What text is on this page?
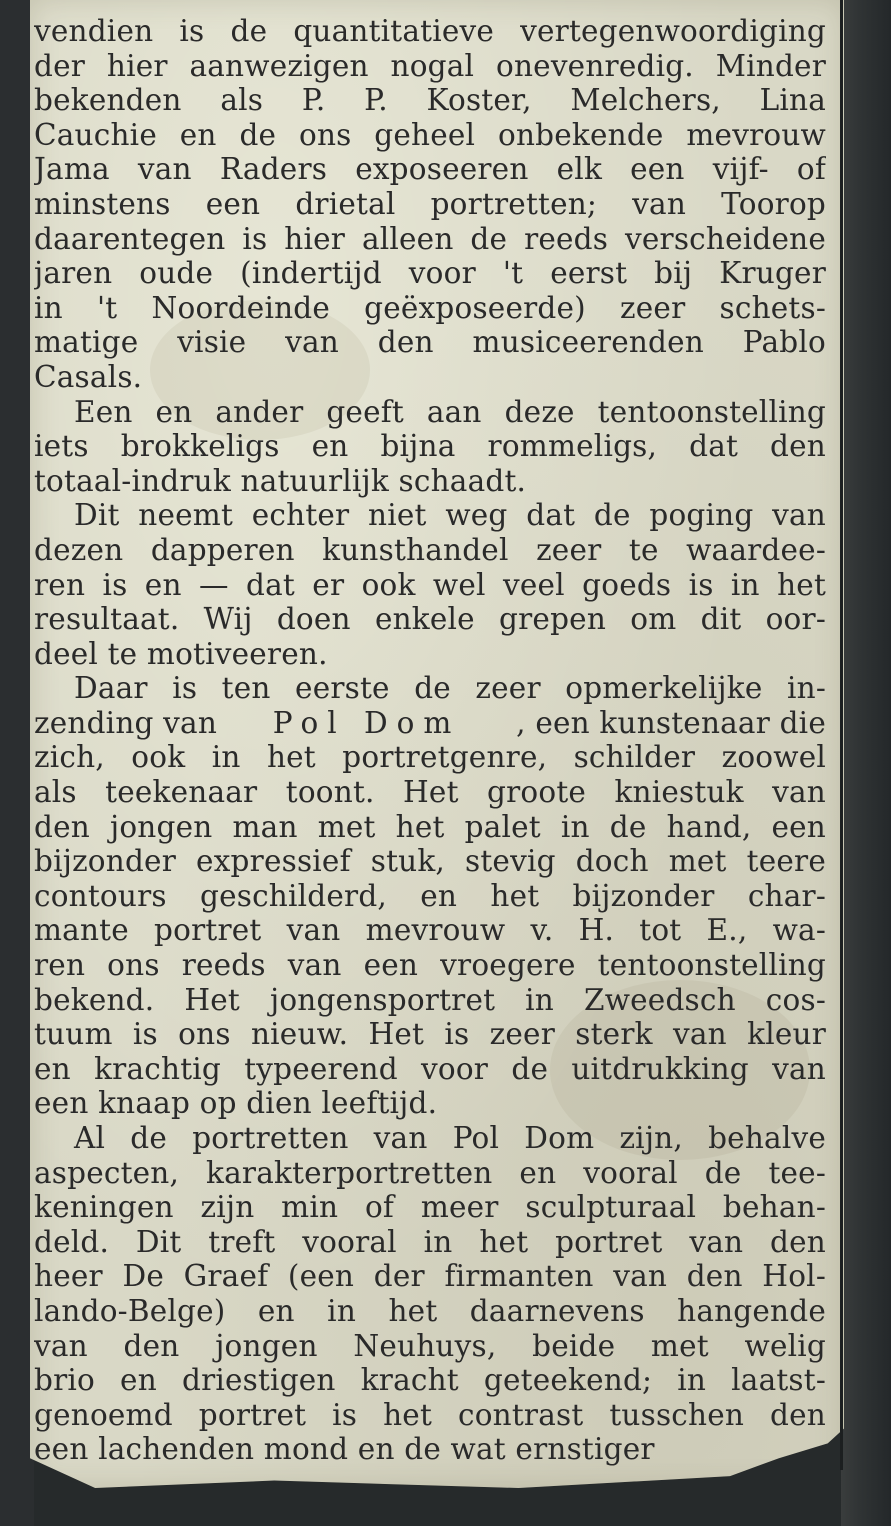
vendien is de quantitatieve vertegenwoordiging
der hier aanwezigen nogal onevenredig. Minder
bekenden als P. P. Koster, Melchers, Lina
Cauchie en de ons geheel onbekende mevrouw
Jama van Raders exposeeren elk een vijf- of
minstens een drietal portretten; van Toorop
daarentegen is hier alleen de reeds verscheidene
jaren oude (indertijd voor 't eerst bij Kruger
in 't Noordeinde geëxposeerde) zeer schets-
matige visie van den musiceerenden Pablo
Casals.
Een en ander geeft aan deze tentoonstelling
iets brokkeligs en bijna rommeligs, dat den
totaal-indruk natuurlijk schaadt.
Dit neemt echter niet weg dat de poging van
dezen dapperen kunsthandel zeer te waardee-
ren is en — dat er ook wel veel goeds is in het
resultaat. Wij doen enkele grepen om dit oor-
deel te motiveeren.
Daar is ten eerste de zeer opmerkelijke in-
zending van Pol Dom , een kunstenaar die
zich, ook in het portretgenre, schilder zoowel
als teekenaar toont. Het groote kniestuk van
den jongen man met het palet in de hand, een
bijzonder expressief stuk, stevig doch met teere
contours geschilderd, en het bijzonder char-
mante portret van mevrouw v. H. tot E., wa-
ren ons reeds van een vroegere tentoonstelling
bekend. Het jongensportret in Zweedsch cos-
tuum is ons nieuw. Het is zeer sterk van kleur
en krachtig typeerend voor de uitdrukking van
een knaap op dien leeftijd.
Al de portretten van Pol Dom zijn, behalve
aspecten, karakterportretten en vooral de tee-
keningen zijn min of meer sculpturaal behan-
deld. Dit treft vooral in het portret van den
heer De Graef (een der firmanten van den Hol-
lando-Belge) en in het daarnevens hangende
van den jongen Neuhuys, beide met welig
brio en driestigen kracht geteekend; in laatst-
genoemd portret is het contrast tusschen den
een lachenden mond en de wat ernstiger
